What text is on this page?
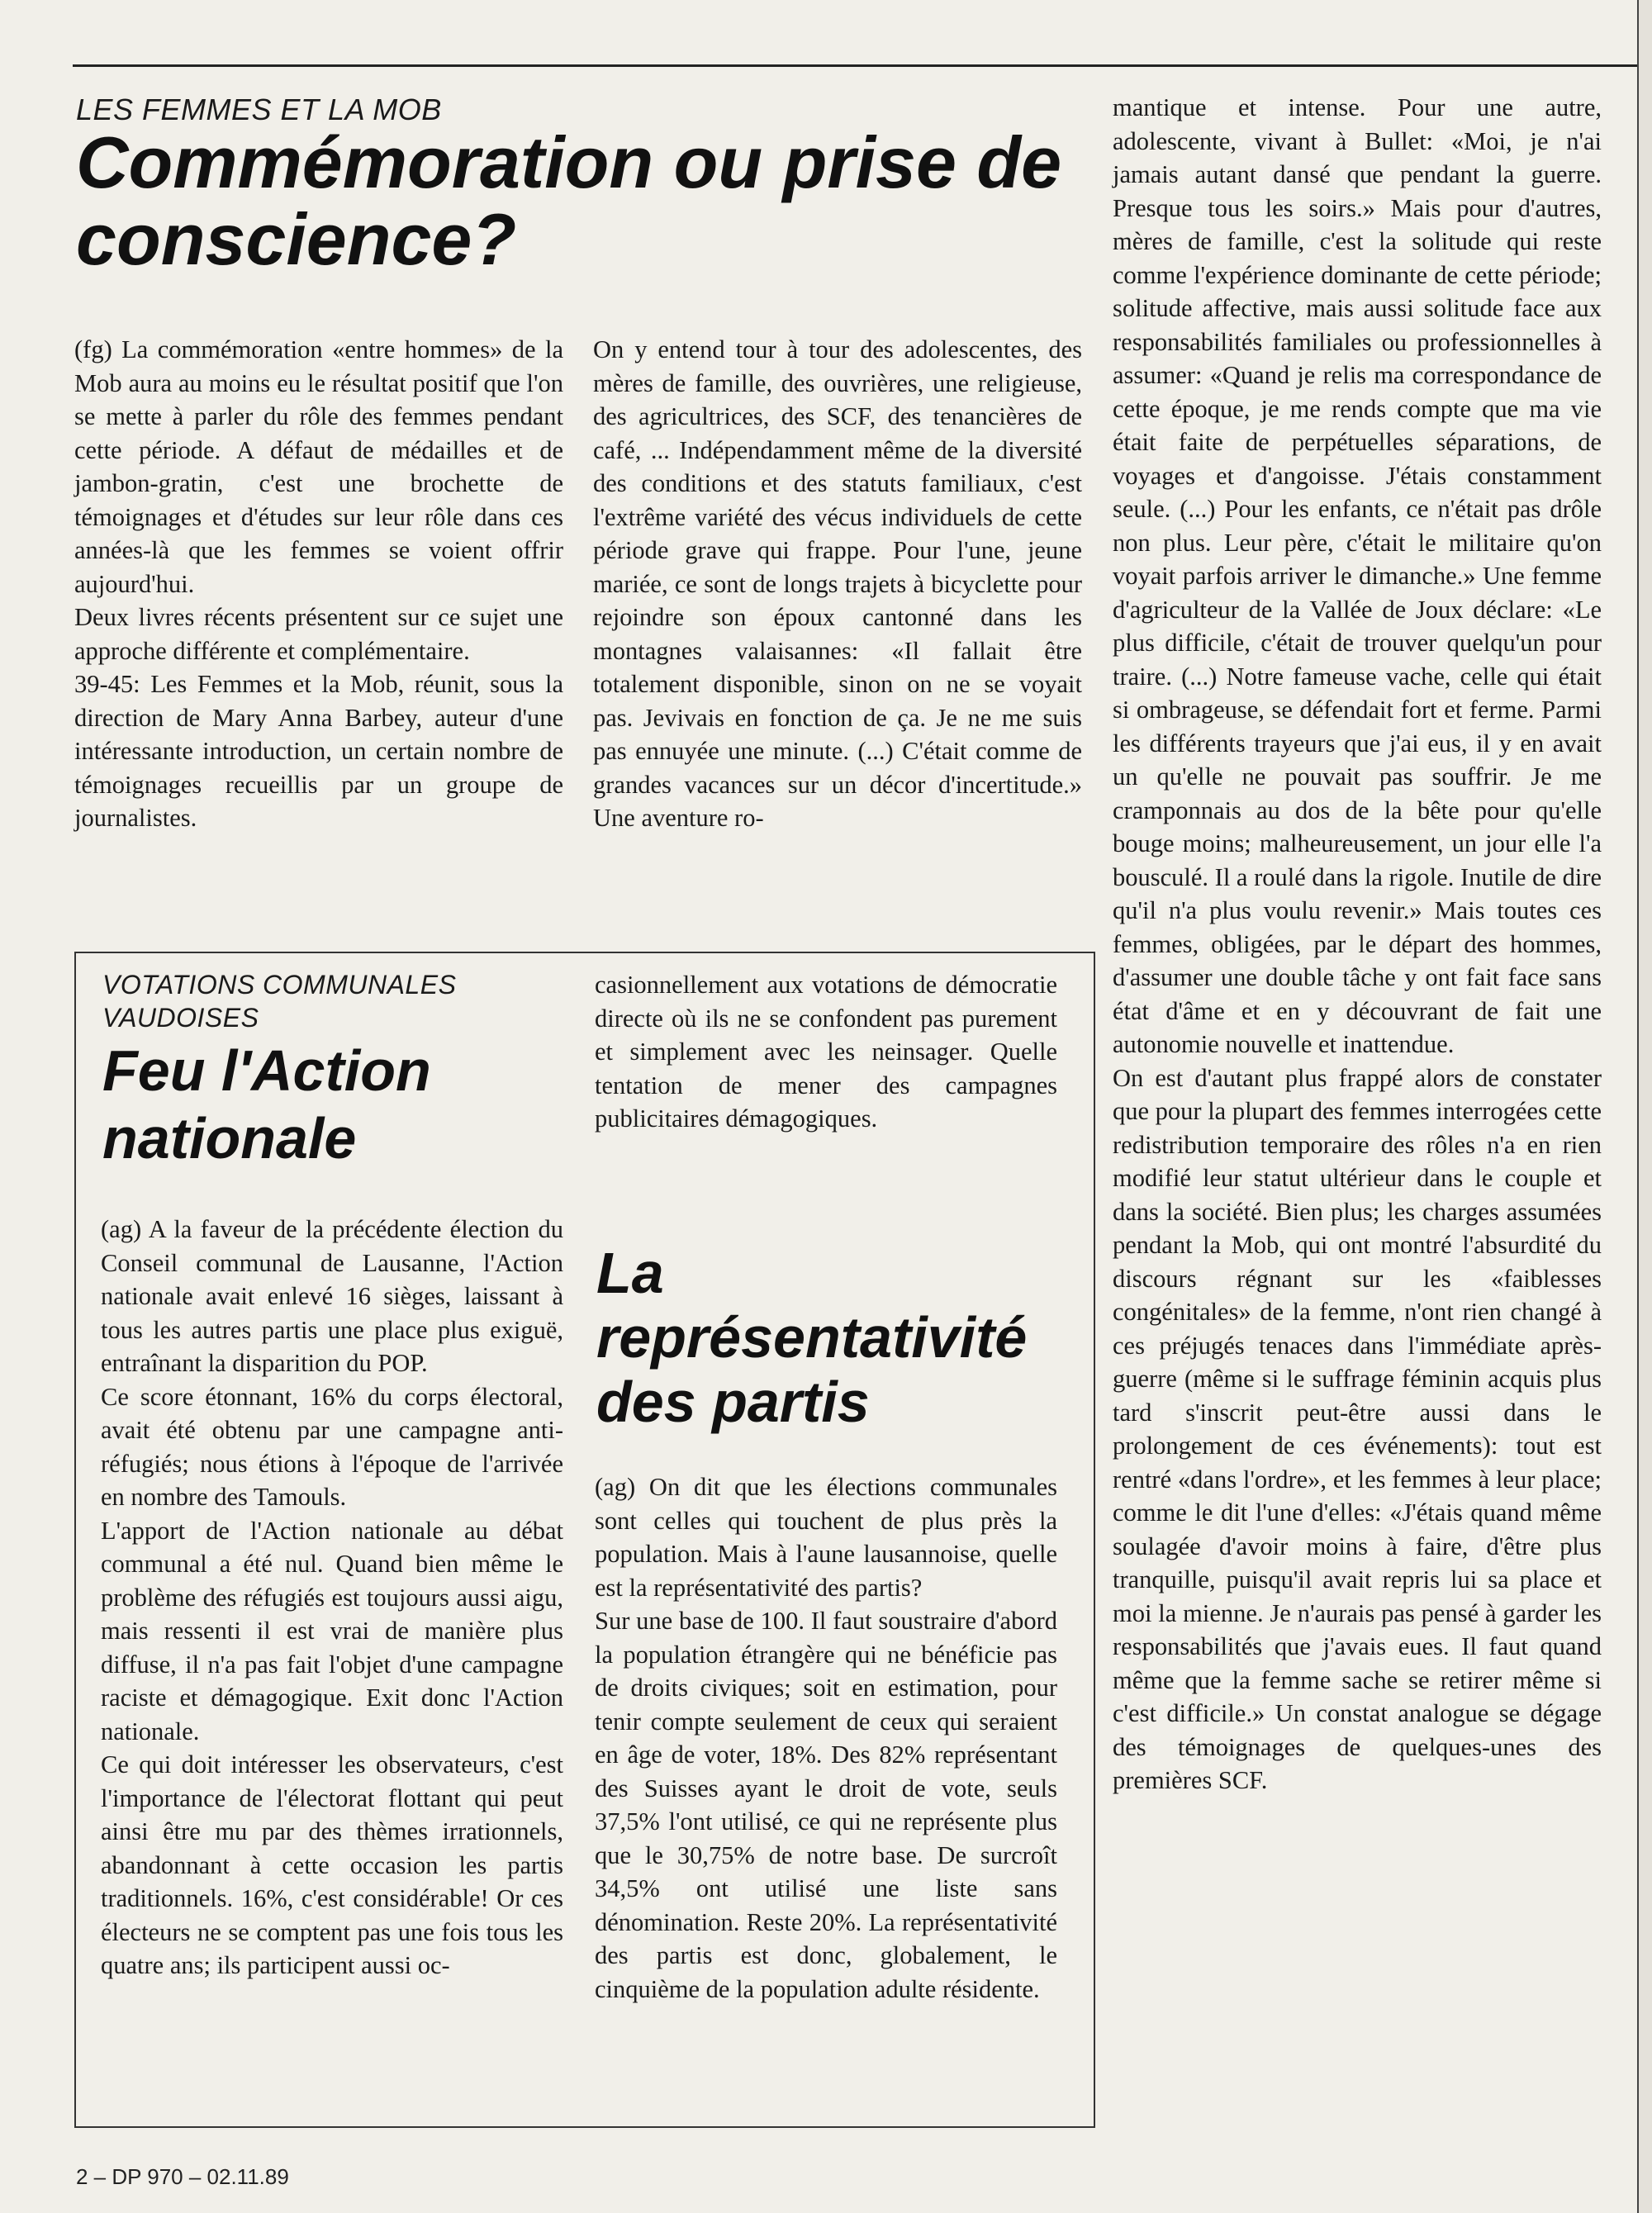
LES FEMMES ET LA MOB
Commémoration ou prise de conscience?

(fg) La commémoration «entre hommes» de la Mob aura au moins eu le résultat positif que l'on se mette à parler du rôle des femmes pendant cette période. A défaut de médailles et de jambon-gratin, c'est une brochette de témoignages et d'études sur leur rôle dans ces années-là que les femmes se voient offrir aujourd'hui.

Deux livres récents présentent sur ce sujet une approche différente et complémentaire.

39-45: Les Femmes et la Mob, réunit, sous la direction de Mary Anna Barbey, auteur d'une intéressante introduction, un certain nombre de témoignages recueillis par un groupe de journalistes.

On y entend tour à tour des adolescentes, des mères de famille, des ouvrières, une religieuse, des agricultrices, des SCF, des tenancières de café, ... Indépendamment même de la diversité des conditions et des statuts familiaux, c'est l'extrême variété des vécus individuels de cette période grave qui frappe. Pour l'une, jeune mariée, ce sont de longs trajets à bicyclette pour rejoindre son époux cantonné dans les montagnes valaisannes: «Il fallait être totalement disponible, sinon on ne se voyait pas. Jevivais en fonction de ça. Je ne me suis pas ennuyée une minute. (...) C'était comme de grandes vacances sur un décor d'incertitude.» Une aventure ro-

mantique et intense. Pour une autre, adolescente, vivant à Bullet: «Moi, je n'ai jamais autant dansé que pendant la guerre. Presque tous les soirs.» Mais pour d'autres, mères de famille, c'est la solitude qui reste comme l'expérience dominante de cette période; solitude affective, mais aussi solitude face aux responsabilités familiales ou professionnelles à assumer: «Quand je relis ma correspondance de cette époque, je me rends compte que ma vie était faite de perpétuelles séparations, de voyages et d'angoisse. J'étais constamment seule. (...) Pour les enfants, ce n'était pas drôle non plus. Leur père, c'était le militaire qu'on voyait parfois arriver le dimanche.» Une femme d'agriculteur de la Vallée de Joux déclare: «Le plus difficile, c'était de trouver quelqu'un pour traire. (...) Notre fameuse vache, celle qui était si ombrageuse, se défendait fort et ferme. Parmi les différents trayeurs que j'ai eus, il y en avait un qu'elle ne pouvait pas souffrir. Je me cramponnais au dos de la bête pour qu'elle bouge moins; malheureusement, un jour elle l'a bousculé. Il a roulé dans la rigole. Inutile de dire qu'il n'a plus voulu revenir.» Mais toutes ces femmes, obligées, par le départ des hommes, d'assumer une double tâche y ont fait face sans état d'âme et en y découvrant de fait une autonomie nouvelle et inattendue.

On est d'autant plus frappé alors de constater que pour la plupart des femmes interrogées cette redistribution temporaire des rôles n'a en rien modifié leur statut ultérieur dans le couple et dans la société. Bien plus; les charges assumées pendant la Mob, qui ont montré l'absurdité du discours régnant sur les «faiblesses congénitales» de la femme, n'ont rien changé à ces préjugés tenaces dans l'immédiate après-guerre (même si le suffrage féminin acquis plus tard s'inscrit peut-être aussi dans le prolongement de ces événements): tout est rentré «dans l'ordre», et les femmes à leur place; comme le dit l'une d'elles: «J'étais quand même soulagée d'avoir moins à faire, d'être plus tranquille, puisqu'il avait repris lui sa place et moi la mienne. Je n'aurais pas pensé à garder les responsabilités que j'avais eues. Il faut quand même que la femme sache se retirer même si c'est difficile.» Un constat analogue se dégage des témoignages de quelques-unes des premières SCF.

VOTATIONS COMMUNALES VAUDOISES
Feu l'Action nationale

(ag) A la faveur de la précédente élection du Conseil communal de Lausanne, l'Action nationale avait enlevé 16 sièges, laissant à tous les autres partis une place plus exiguë, entraînant la disparition du POP.

Ce score étonnant, 16% du corps électoral, avait été obtenu par une campagne anti-réfugiés; nous étions à l'époque de l'arrivée en nombre des Tamouls.

L'apport de l'Action nationale au débat communal a été nul. Quand bien même le problème des réfugiés est toujours aussi aigu, mais ressenti il est vrai de manière plus diffuse, il n'a pas fait l'objet d'une campagne raciste et démagogique. Exit donc l'Action nationale.

Ce qui doit intéresser les observateurs, c'est l'importance de l'électorat flottant qui peut ainsi être mu par des thèmes irrationnels, abandonnant à cette occasion les partis traditionnels. 16%, c'est considérable! Or ces électeurs ne se comptent pas une fois tous les quatre ans; ils participent aussi oc-

casionnellement aux votations de démocratie directe où ils ne se confondent pas purement et simplement avec les neinsager. Quelle tentation de mener des campagnes publicitaires démagogiques.

La représentativité des partis

(ag) On dit que les élections communales sont celles qui touchent de plus près la population. Mais à l'aune lausannoise, quelle est la représentativité des partis?

Sur une base de 100. Il faut soustraire d'abord la population étrangère qui ne bénéficie pas de droits civiques; soit en estimation, pour tenir compte seulement de ceux qui seraient en âge de voter, 18%. Des 82% représentant des Suisses ayant le droit de vote, seuls 37,5% l'ont utilisé, ce qui ne représente plus que le 30,75% de notre base. De surcroît 34,5% ont utilisé une liste sans dénomination. Reste 20%. La représentativité des partis est donc, globalement, le cinquième de la population adulte résidente.

2 – DP 970 – 02.11.89
